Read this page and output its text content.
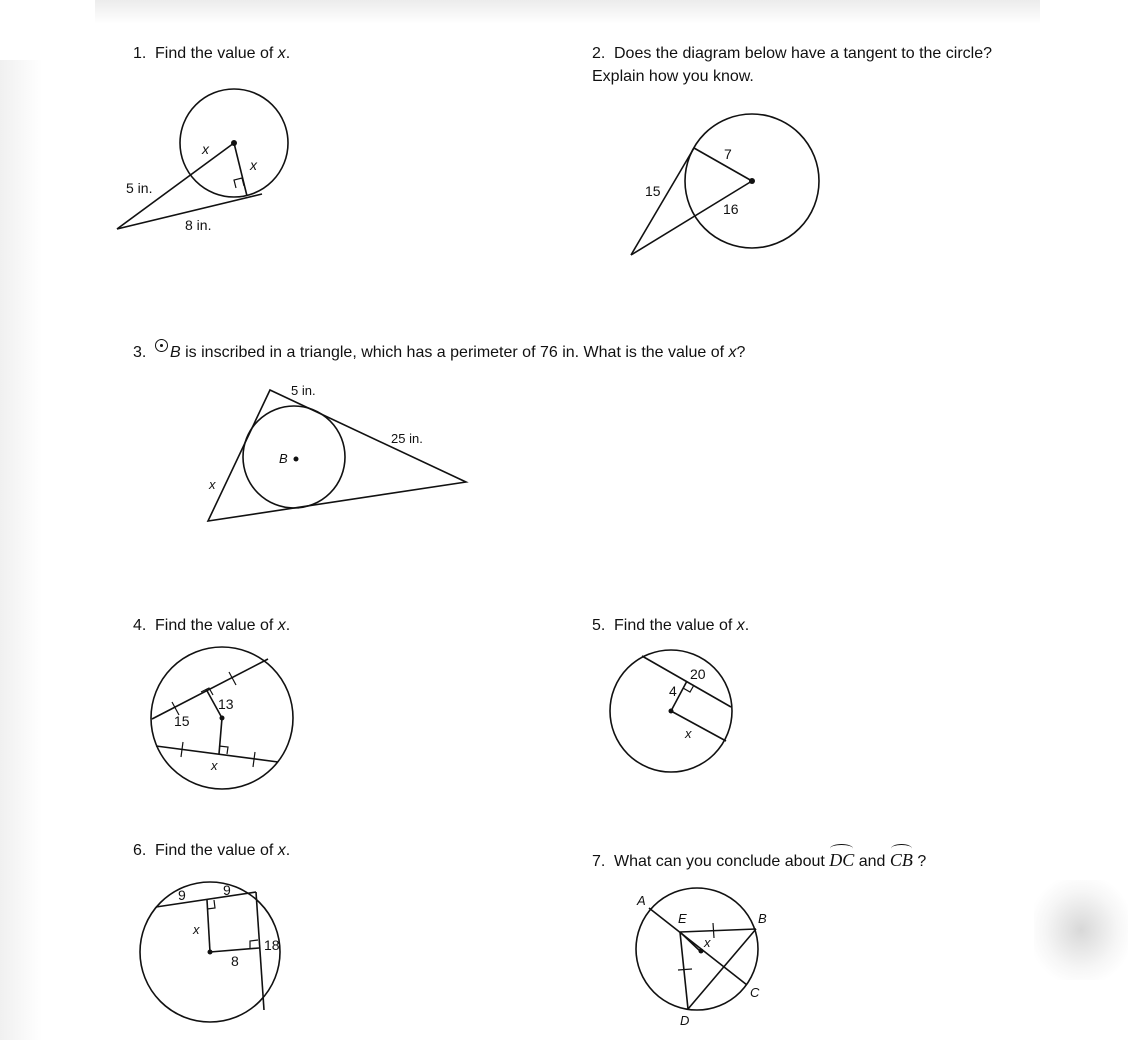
1. Find the value of x.
5 in.
8 in.
x
x
2. Does the diagram below have a tangent to the circle?
Explain how you know.
7
15
16
3. B is inscribed in a triangle, which has a perimeter of 76 in. What is the value of x?
B
5 in.
25 in.
x
4. Find the value of x.
13
15
x
5. Find the value of x.
20
4
x
6. Find the value of x.
9	9
x
8
18
7. What can you conclude about DC and CB ?
A
E	B
x
C
D
